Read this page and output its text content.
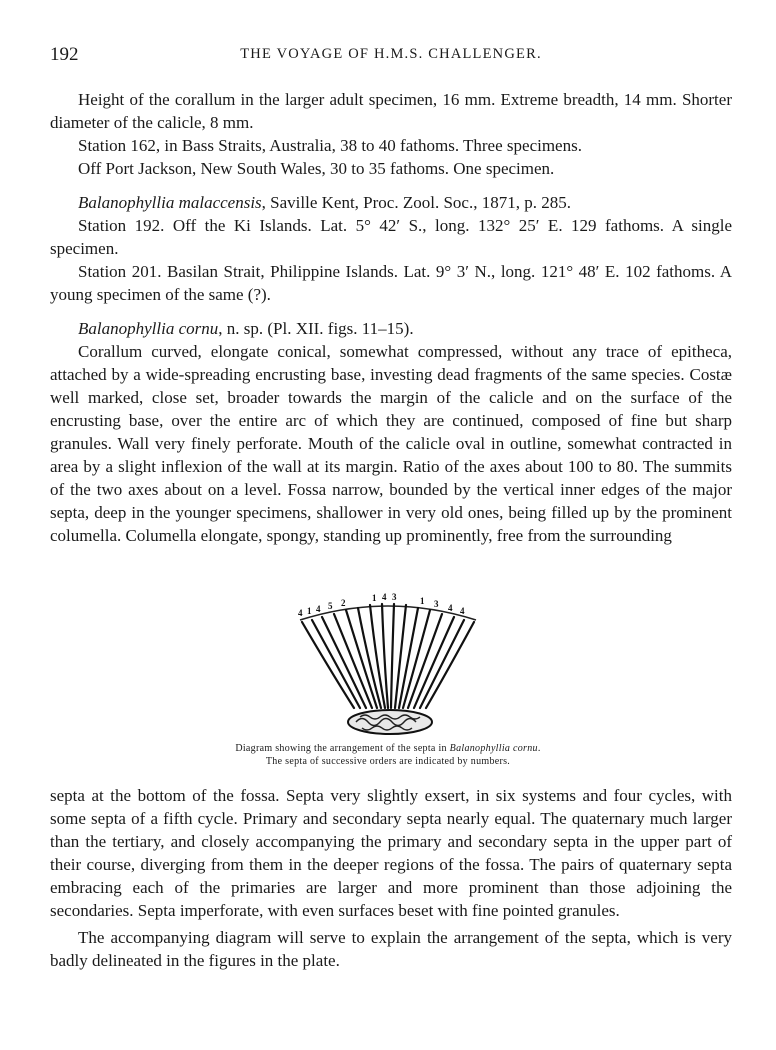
192	THE VOYAGE OF H.M.S. CHALLENGER.

Height of the corallum in the larger adult specimen, 16 mm. Extreme breadth, 14 mm. Shorter diameter of the calicle, 8 mm.

Station 162, in Bass Straits, Australia, 38 to 40 fathoms. Three specimens.

Off Port Jackson, New South Wales, 30 to 35 fathoms. One specimen.

Balanophyllia malaccensis, Saville Kent, Proc. Zool. Soc., 1871, p. 285.

Station 192. Off the Ki Islands. Lat. 5° 42′ S., long. 132° 25′ E. 129 fathoms. A single specimen.

Station 201. Basilan Strait, Philippine Islands. Lat. 9° 3′ N., long. 121° 48′ E. 102 fathoms. A young specimen of the same (?).

Balanophyllia cornu, n. sp. (Pl. XII. figs. 11–15).

Corallum curved, elongate conical, somewhat compressed, without any trace of epitheca, attached by a wide-spreading encrusting base, investing dead fragments of the same species. Costæ well marked, close set, broader towards the margin of the calicle and on the surface of the encrusting base, over the entire arc of which they are continued, composed of fine but sharp granules. Wall very finely perforate. Mouth of the calicle oval in outline, somewhat contracted in area by a slight inflexion of the wall at its margin. Ratio of the axes about 100 to 80. The summits of the two axes about on a level. Fossa narrow, bounded by the vertical inner edges of the major septa, deep in the younger specimens, shallower in very old ones, being filled up by the prominent columella. Columella elongate, spongy, standing up prominently, free from the surrounding

4 1 4 5 2	1 4 3	1 3 4 4
Diagram showing the arrangement of the septa in Balanophyllia cornu.
The septa of successive orders are indicated by numbers.

septa at the bottom of the fossa. Septa very slightly exsert, in six systems and four cycles, with some septa of a fifth cycle. Primary and secondary septa nearly equal. The quaternary much larger than the tertiary, and closely accompanying the primary and secondary septa in the upper part of their course, diverging from them in the deeper regions of the fossa. The pairs of quaternary septa embracing each of the primaries are larger and more prominent than those adjoining the secondaries. Septa imperforate, with even surfaces beset with fine pointed granules.

The accompanying diagram will serve to explain the arrangement of the septa, which is very badly delineated in the figures in the plate.
